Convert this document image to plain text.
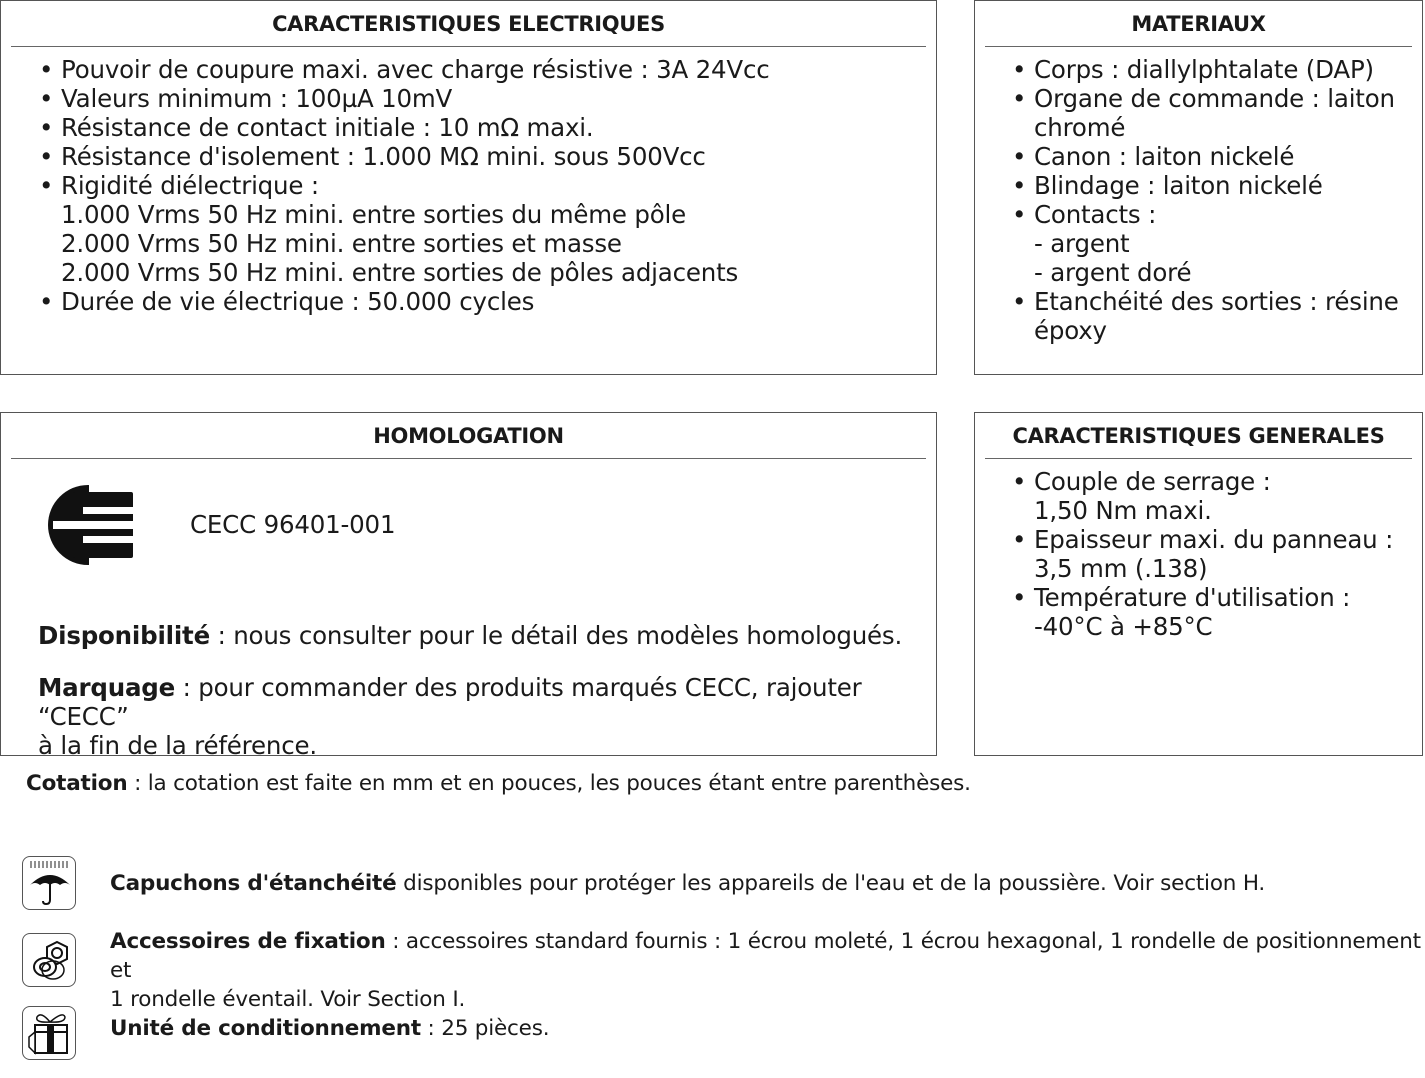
CARACTERISTIQUES ELECTRIQUES
• Pouvoir de coupure maxi. avec charge résistive : 3A 24Vcc
• Valeurs minimum : 100µA 10mV
• Résistance de contact initiale : 10 mΩ maxi.
• Résistance d'isolement : 1.000 MΩ mini. sous 500Vcc
• Rigidité diélectrique :
1.000 Vrms 50 Hz mini. entre sorties du même pôle
2.000 Vrms 50 Hz mini. entre sorties et masse
2.000 Vrms 50 Hz mini. entre sorties de pôles adjacents
• Durée de vie électrique : 50.000 cycles
MATERIAUX
• Corps : diallylphtalate (DAP)
• Organe de commande : laiton
chromé
• Canon : laiton nickelé
• Blindage : laiton nickelé
• Contacts :
- argent
- argent doré
• Etanchéité des sorties : résine
époxy
HOMOLOGATION
CECC 96401-001
Disponibilité : nous consulter pour le détail des modèles homologués.
Marquage : pour commander des produits marqués CECC, rajouter “CECC”
à la fin de la référence.
CARACTERISTIQUES GENERALES
• Couple de serrage :
1,50 Nm maxi.
• Epaisseur maxi. du panneau :
3,5 mm (.138)
• Température d'utilisation :
-40°C à +85°C
Cotation : la cotation est faite en mm et en pouces, les pouces étant entre parenthèses.
Capuchons d'étanchéité disponibles pour protéger les appareils de l'eau et de la poussière. Voir section H.
Accessoires de fixation : accessoires standard fournis : 1 écrou moleté, 1 écrou hexagonal, 1 rondelle de positionnement et
1 rondelle éventail. Voir Section I.
Unité de conditionnement : 25 pièces.
